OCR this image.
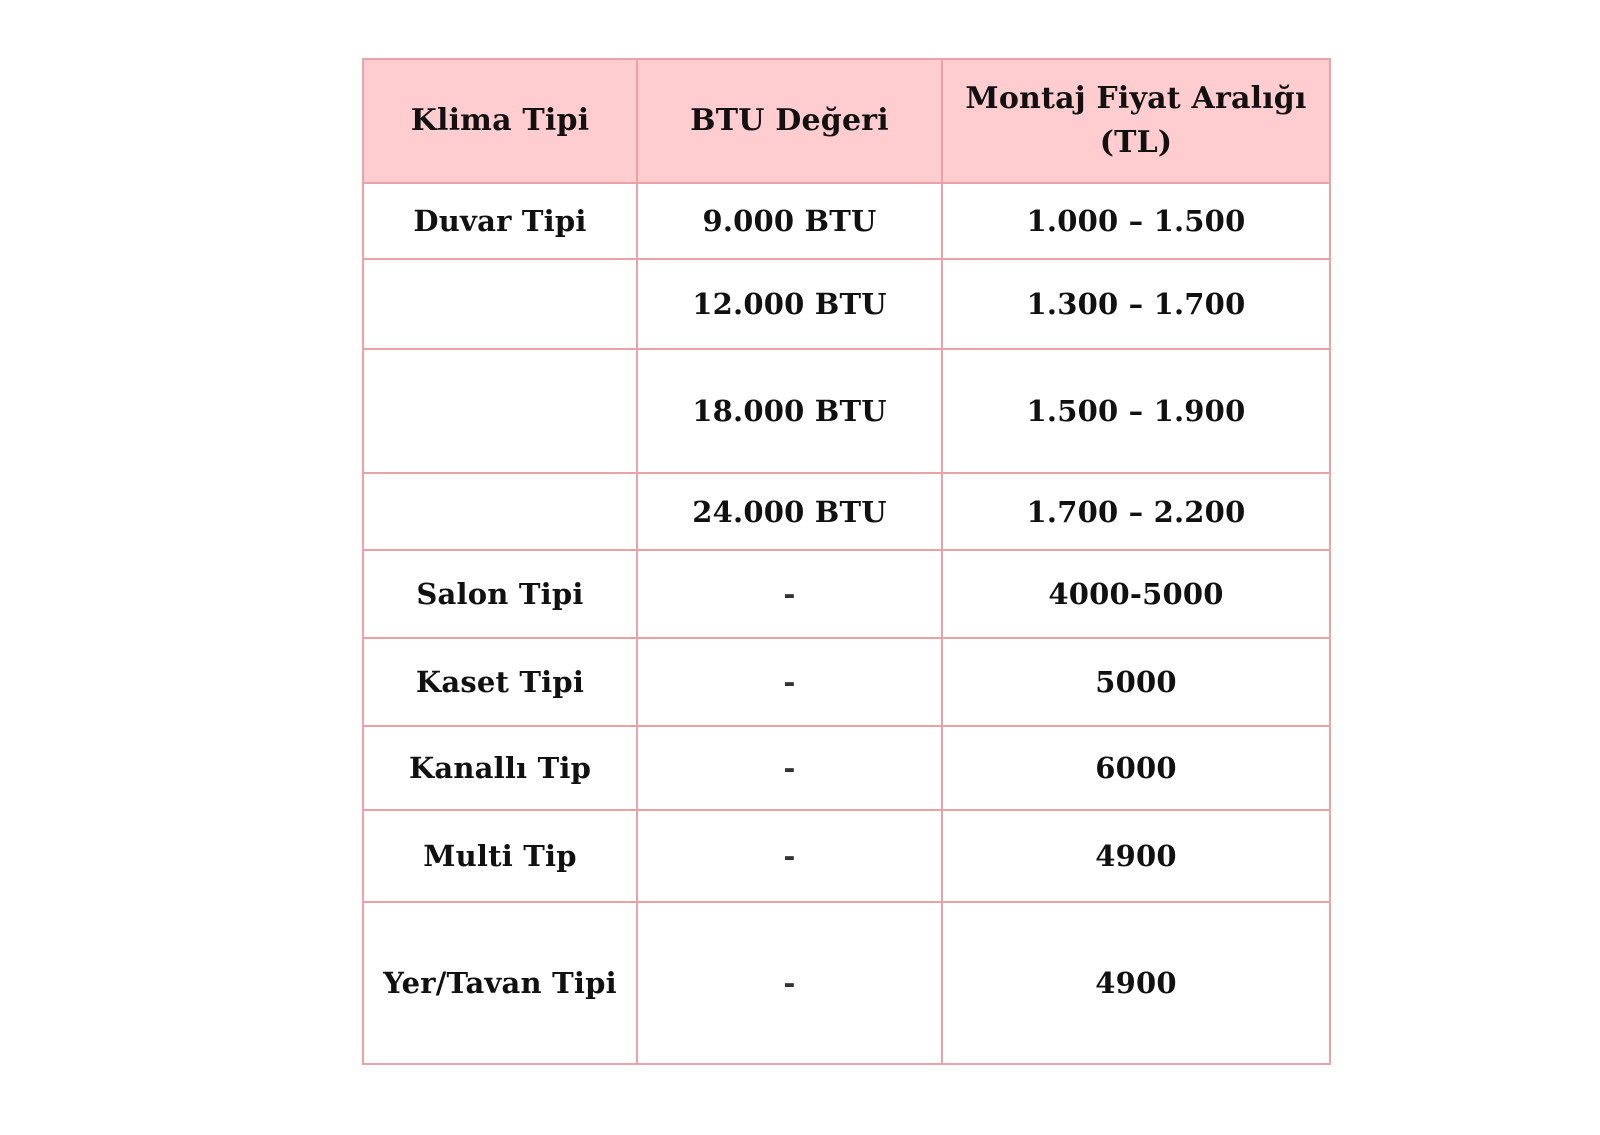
Klima Tipi	BTU Değeri	Montaj Fiyat Aralığı (TL)
Duvar Tipi	9.000 BTU	1.000 – 1.500
	12.000 BTU	1.300 – 1.700
	18.000 BTU	1.500 – 1.900
	24.000 BTU	1.700 – 2.200
Salon Tipi	-	4000-5000
Kaset Tipi	-	5000
Kanallı Tip	-	6000
Multi Tip	-	4900
Yer/Tavan Tipi	-	4900
